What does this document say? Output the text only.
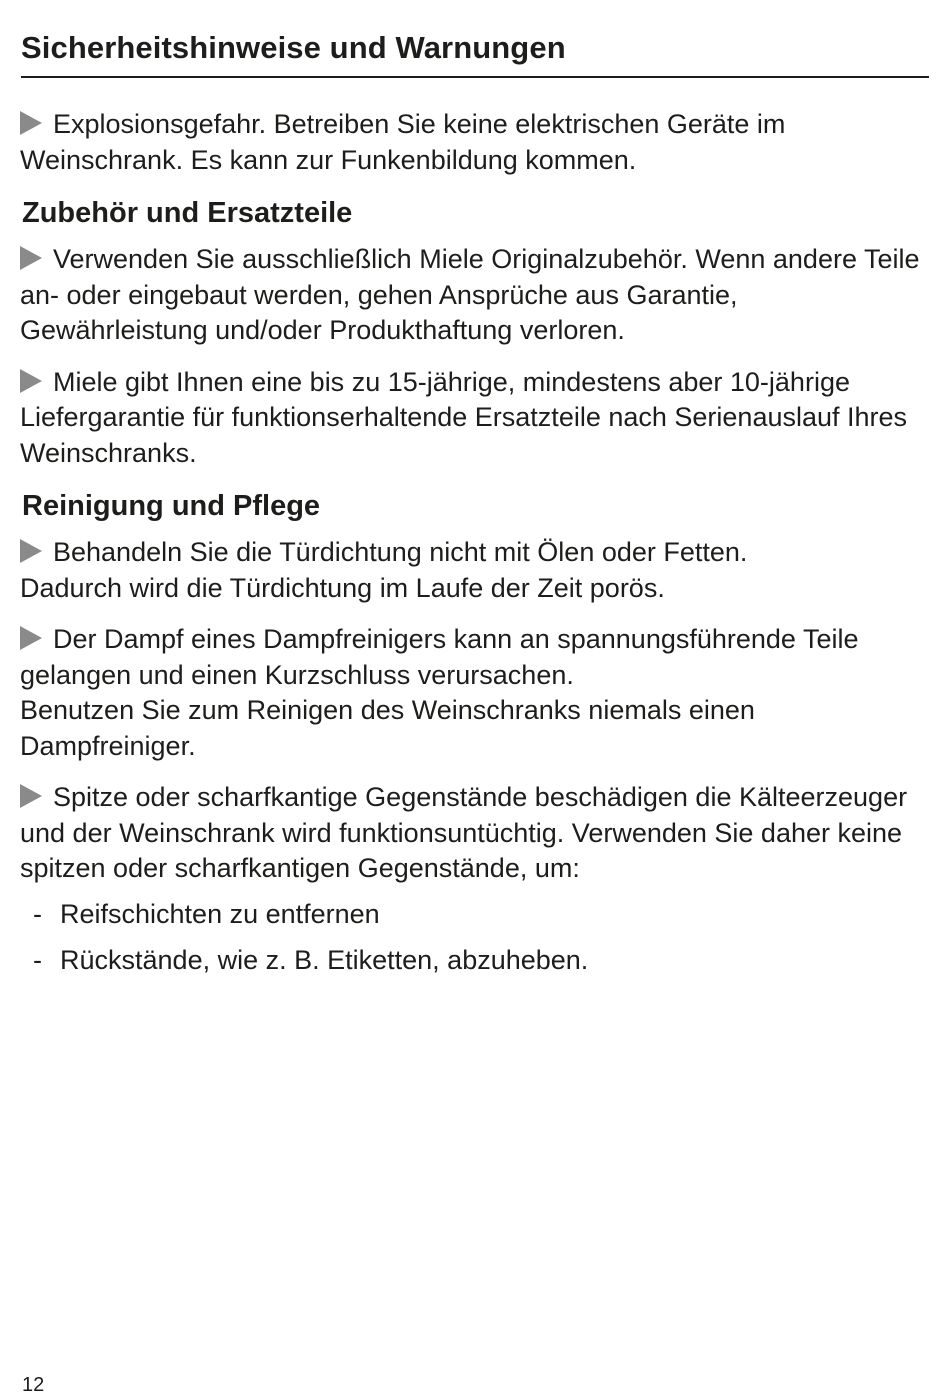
Sicherheitshinweise und Warnungen

Explosionsgefahr. Betreiben Sie keine elektrischen Geräte im Weinschrank. Es kann zur Funkenbildung kommen.

Zubehör und Ersatzteile

Verwenden Sie ausschließlich Miele Originalzubehör. Wenn andere Teile an- oder eingebaut werden, gehen Ansprüche aus Garantie, Gewährleistung und/oder Produkthaftung verloren.

Miele gibt Ihnen eine bis zu 15-jährige, mindestens aber 10-jährige Liefergarantie für funktionserhaltende Ersatzteile nach Serienauslauf Ihres Weinschranks.

Reinigung und Pflege

Behandeln Sie die Türdichtung nicht mit Ölen oder Fetten.
Dadurch wird die Türdichtung im Laufe der Zeit porös.

Der Dampf eines Dampfreinigers kann an spannungsführende Teile gelangen und einen Kurzschluss verursachen.
Benutzen Sie zum Reinigen des Weinschranks niemals einen Dampfreiniger.

Spitze oder scharfkantige Gegenstände beschädigen die Kälteerzeuger und der Weinschrank wird funktionsuntüchtig. Verwenden Sie daher keine spitzen oder scharfkantigen Gegenstände, um:

- Reifschichten zu entfernen
- Rückstände, wie z. B. Etiketten, abzuheben.
12
